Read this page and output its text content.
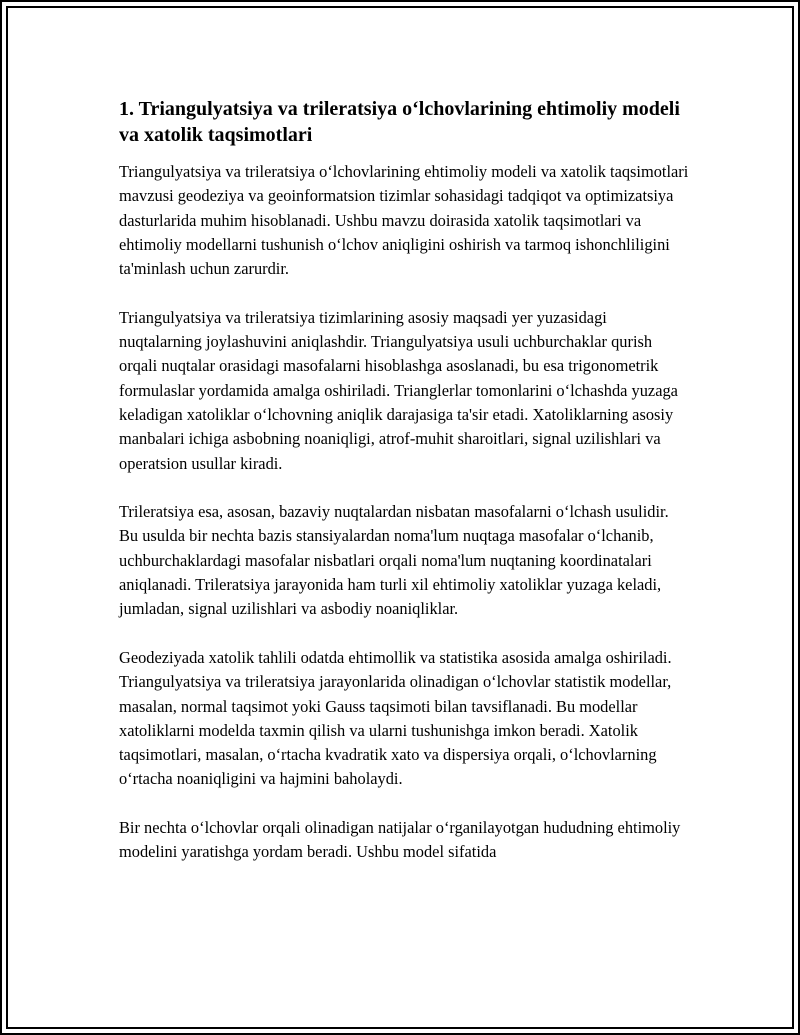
1. Triangulyatsiya va trileratsiya oʻlchovlarining ehtimoliy modeli va xatolik taqsimotlari

Triangulyatsiya va trileratsiya oʻlchovlarining ehtimoliy modeli va xatolik taqsimotlari mavzusi geodeziya va geoinformatsion tizimlar sohasidagi tadqiqot va optimizatsiya dasturlarida muhim hisoblanadi. Ushbu mavzu doirasida xatolik taqsimotlari va ehtimoliy modellarni tushunish oʻlchov aniqligini oshirish va tarmoq ishonchliligini ta'minlash uchun zarurdir.

Triangulyatsiya va trileratsiya tizimlarining asosiy maqsadi yer yuzasidagi nuqtalarning joylashuvini aniqlashdir. Triangulyatsiya usuli uchburchaklar qurish orqali nuqtalar orasidagi masofalarni hisoblashga asoslanadi, bu esa trigonometrik formulaslar yordamida amalga oshiriladi. Trianglerlar tomonlarini oʻlchashda yuzaga keladigan xatoliklar oʻlchovning aniqlik darajasiga ta'sir etadi. Xatoliklarning asosiy manbalari ichiga asbobning noaniqligi, atrof-muhit sharoitlari, signal uzilishlari va operatsion usullar kiradi.

Trileratsiya esa, asosan, bazaviy nuqtalardan nisbatan masofalarni oʻlchash usulidir. Bu usulda bir nechta bazis stansiyalardan noma'lum nuqtaga masofalar oʻlchanib, uchburchaklardagi masofalar nisbatlari orqali noma'lum nuqtaning koordinatalari aniqlanadi. Trileratsiya jarayonida ham turli xil ehtimoliy xatoliklar yuzaga keladi, jumladan, signal uzilishlari va asbodiy noaniqliklar.

Geodeziyada xatolik tahlili odatda ehtimollik va statistika asosida amalga oshiriladi. Triangulyatsiya va trileratsiya jarayonlarida olinadigan oʻlchovlar statistik modellar, masalan, normal taqsimot yoki Gauss taqsimoti bilan tavsiflanadi. Bu modellar xatoliklarni modelda taxmin qilish va ularni tushunishga imkon beradi. Xatolik taqsimotlari, masalan, oʻrtacha kvadratik xato va dispersiya orqali, oʻlchovlarning oʻrtacha noaniqligini va hajmini baholaydi.

Bir nechta oʻlchovlar orqali olinadigan natijalar oʻrganilayotgan hududning ehtimoliy modelini yaratishga yordam beradi. Ushbu model sifatida
